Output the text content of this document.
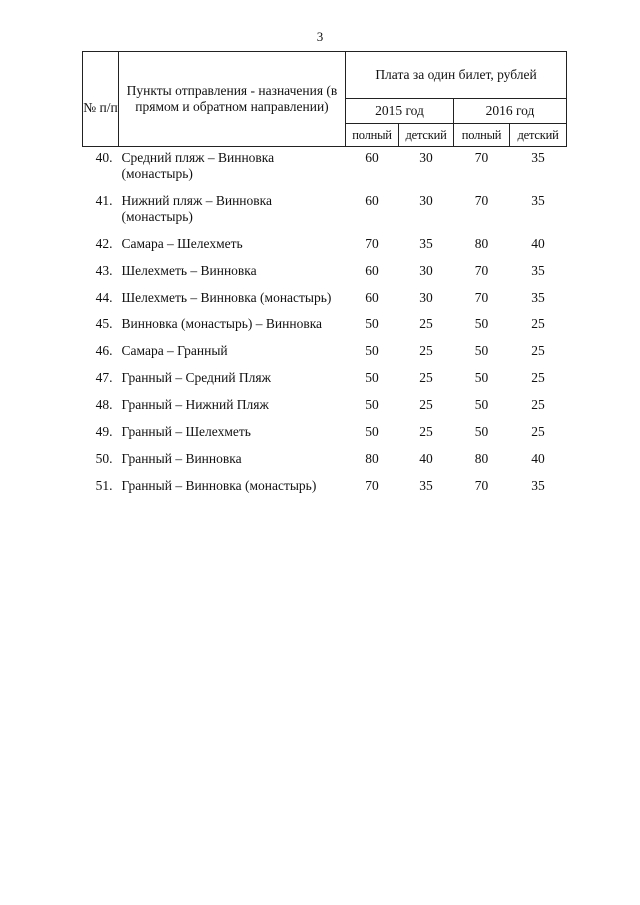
3
№ п/п	Пункты отправления - назначения (в прямом и обратном направлении)	Плата за один билет, рублей			
		2015 год		2016 год	
		полный	детский	полный	детский
40.	Средний пляж – Винновка (монастырь)	60	30	70	35
41.	Нижний пляж – Винновка (монастырь)	60	30	70	35
42.	Самара – Шелехметь	70	35	80	40
43.	Шелехметь – Винновка	60	30	70	35
44.	Шелехметь – Винновка (монастырь)	60	30	70	35
45.	Винновка (монастырь) – Винновка	50	25	50	25
46.	Самара – Гранный	50	25	50	25
47.	Гранный – Средний Пляж	50	25	50	25
48.	Гранный – Нижний Пляж	50	25	50	25
49.	Гранный – Шелехметь	50	25	50	25
50.	Гранный – Винновка	80	40	80	40
51.	Гранный – Винновка (монастырь)	70	35	70	35
